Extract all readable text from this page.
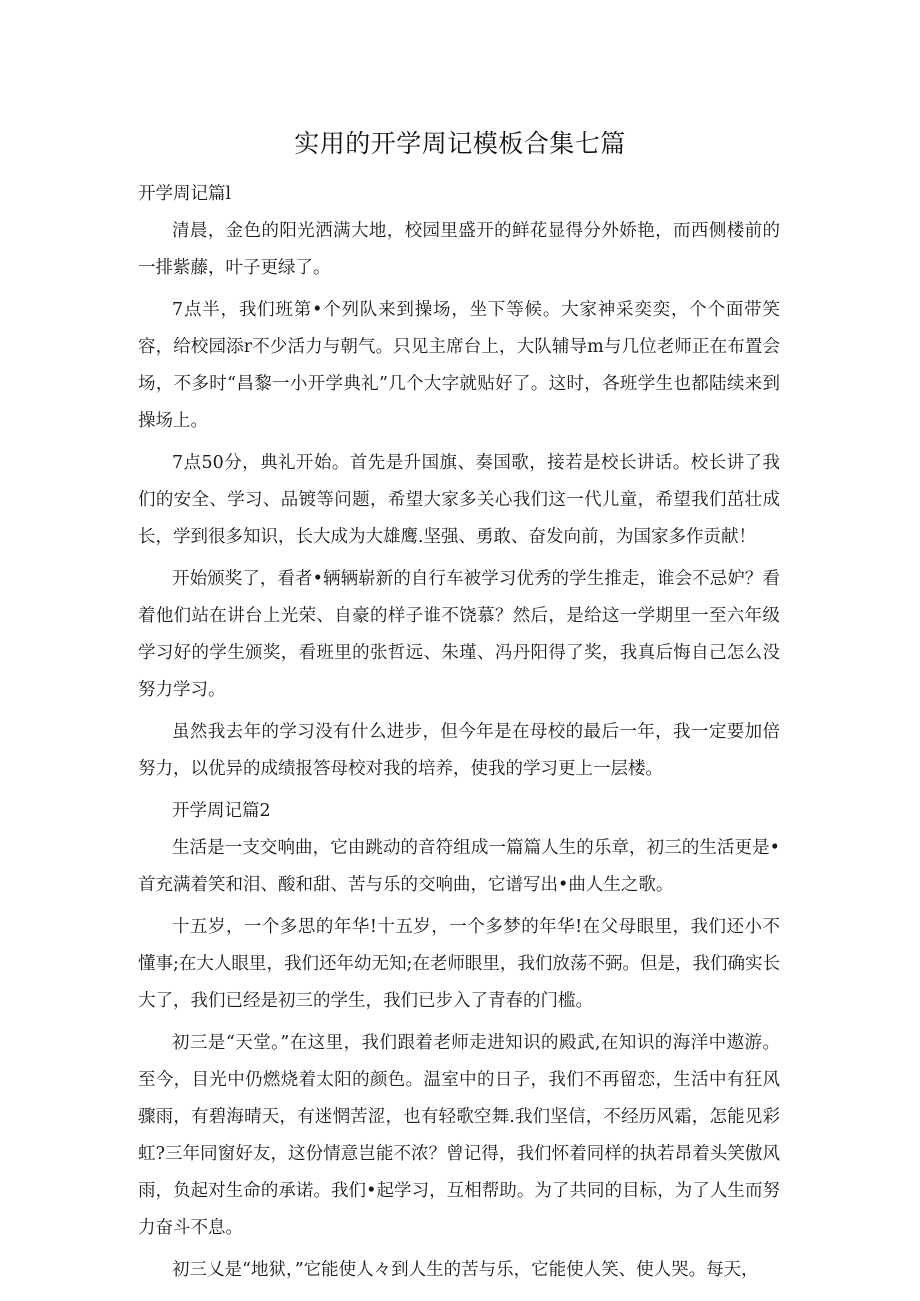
实用的开学周记模板合集七篇

开学周记篇l

清晨，金色的阳光洒满大地，校园里盛开的鲜花显得分外娇艳，而西侧楼前的一排紫藤，叶子更绿了。

7点半，我们班第•个列队来到操场，坐下等候。大家神采奕奕，个个面带笑容，给校园添r不少活力与朝气。只见主席台上，大队辅导m与几位老师正在布置会场，不多时“昌黎一小开学典礼”几个大字就贴好了。这时，各班学生也都陆续来到操场上。

7点50分，典礼开始。首先是升国旗、奏国歌，接若是校长讲话。校长讲了我们的安全、学习、品镀等问题，希望大家多关心我们这一代儿童，希望我们茁壮成长，学到很多知识，长大成为大雄鹰.坚强、勇敢、奋发向前，为国家多作贡献！

开始颁奖了，看者•辆辆崭新的自行车被学习优秀的学生推走，谁会不忌妒？看着他们站在讲台上光荣、自豪的样子谁不饶慕？然后，是给这一学期里一至六年级学习好的学生颁奖，看班里的张哲远、朱瑾、冯丹阳得了奖，我真后悔自己怎么没努力学习。

虽然我去年的学习没有什么进步，但今年是在母校的最后一年，我一定要加倍努力，以优异的成绩报答母校对我的培养，使我的学习更上一层楼。

开学周记篇2

生活是一支交响曲，它由跳动的音符组成一篇篇人生的乐章，初三的生活更是•首充满着笑和泪、酸和甜、苦与乐的交响曲，它谱写出•曲人生之歌。

十五岁，一个多思的年华!十五岁，一个多梦的年华!在父母眼里，我们还小不懂事;在大人眼里，我们还年幼无知;在老师眼里，我们放荡不弼。但是，我们确实长大了，我们已经是初三的学生，我们已步入了青春的门槛。

初三是“天堂。”在这里，我们跟着老师走进知识的殿武,在知识的海洋中遨游。至今，目光中仍燃烧着太阳的颜色。温室中的日子，我们不再留恋，生活中有狂风骤雨，有碧海晴天，有迷惘苦涩，也有轻歌空舞.我们坚信，不经历风霜，怎能见彩虹?三年同窗好友，这份情意岂能不浓？曾记得，我们怀着同样的执若昂着头笑傲风雨，负起对生命的承诺。我们•起学习，互相帮助。为了共同的目标，为了人生而努力奋斗不息。

初三乂是“地狱，”它能使人々到人生的苦与乐，它能使人笑、使人哭。每天，
